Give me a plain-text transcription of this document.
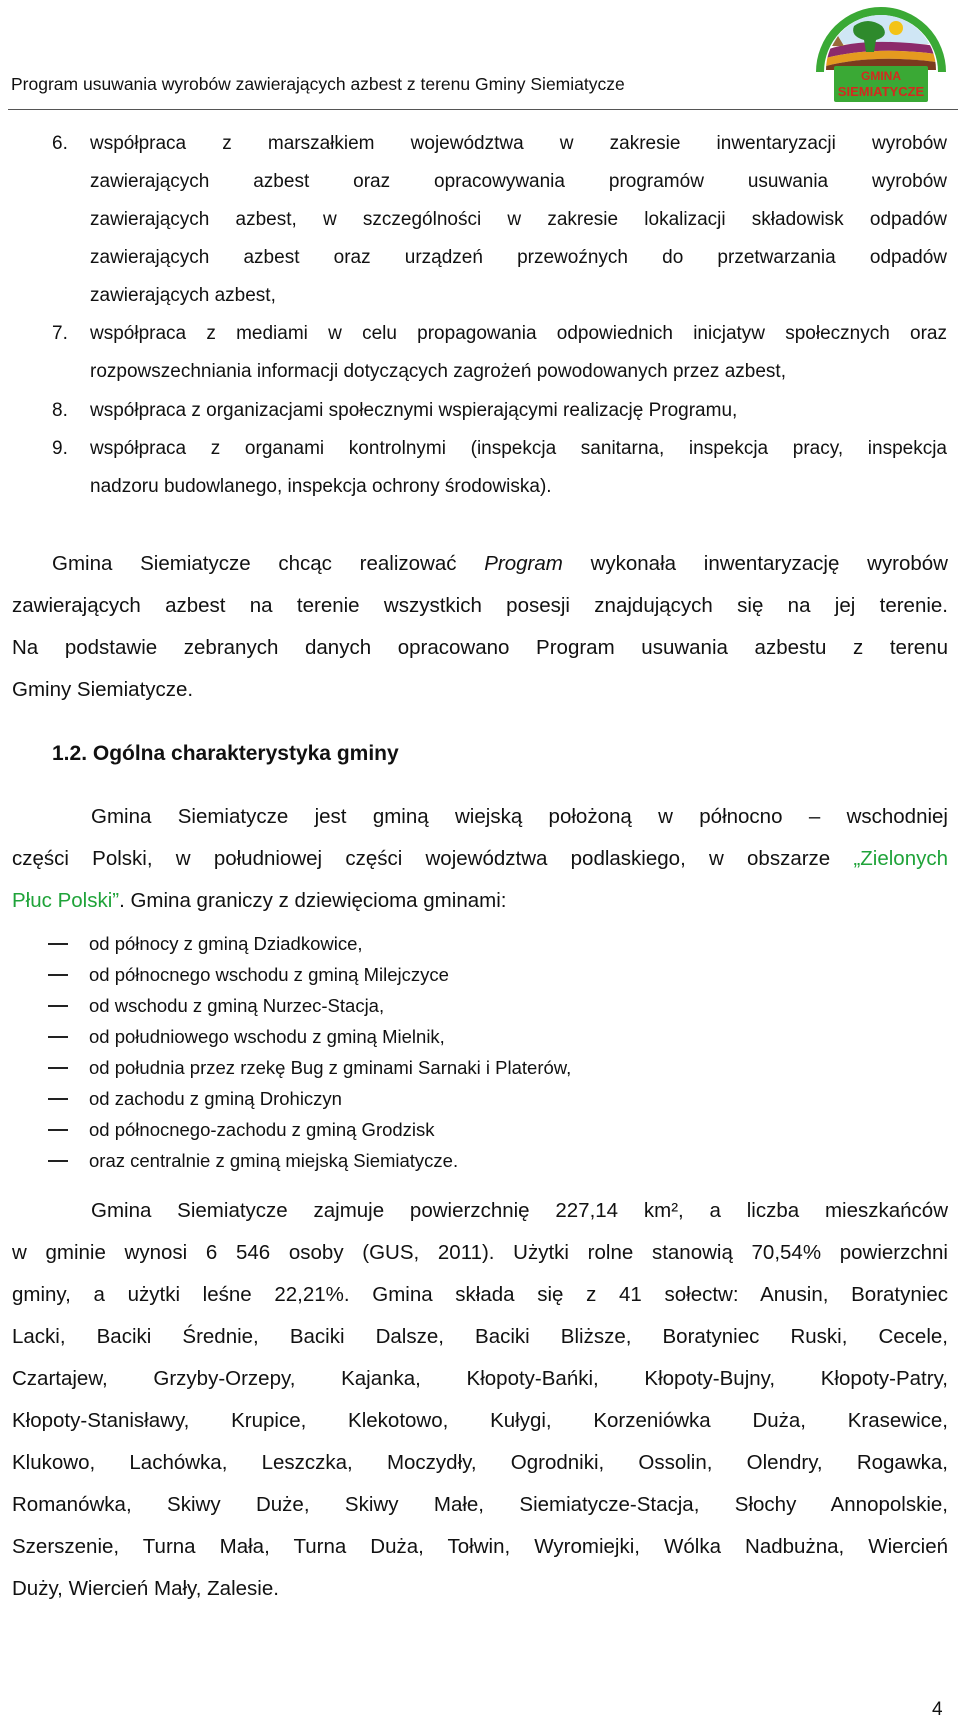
Program usuwania wyrobów zawierających azbest z terenu Gminy Siemiatycze	GMINA
SIEMIATYCZE
6. współpraca z marszałkiem województwa w zakresie inwentaryzacji wyrobów
zawierających azbest oraz opracowywania programów usuwania wyrobów
zawierających azbest, w szczególności w zakresie lokalizacji składowisk odpadów
zawierających azbest oraz urządzeń przewoźnych do przetwarzania odpadów
zawierających azbest,
7. współpraca z mediami w celu propagowania odpowiednich inicjatyw społecznych oraz
rozpowszechniania informacji dotyczących zagrożeń powodowanych przez azbest,
8. współpraca z organizacjami społecznymi wspierającymi realizację Programu,
9. współpraca z organami kontrolnymi (inspekcja sanitarna, inspekcja pracy, inspekcja
nadzoru budowlanego, inspekcja ochrony środowiska).
Gmina Siemiatycze chcąc realizować Program wykonała inwentaryzację wyrobów
zawierających azbest na terenie wszystkich posesji znajdujących się na jej terenie.
Na podstawie zebranych danych opracowano Program usuwania azbestu z terenu
Gminy Siemiatycze.
1.2. Ogólna charakterystyka gminy
Gmina Siemiatycze jest gminą wiejską położoną w północno – wschodniej
części Polski, w południowej części województwa podlaskiego, w obszarze „Zielonych
Płuc Polski”. Gmina graniczy z dziewięcioma gminami:
od północy z gminą Dziadkowice,
od północnego wschodu z gminą Milejczyce
od wschodu z gminą Nurzec-Stacja,
od południowego wschodu z gminą Mielnik,
od południa przez rzekę Bug z gminami Sarnaki i Platerów,
od zachodu z gminą Drohiczyn
od północnego-zachodu z gminą Grodzisk
oraz centralnie z gminą miejską Siemiatycze.
Gmina Siemiatycze zajmuje powierzchnię 227,14 km², a liczba mieszkańców
w gminie wynosi 6 546 osoby (GUS, 2011). Użytki rolne stanowią 70,54% powierzchni
gminy, a użytki leśne 22,21%. Gmina składa się z 41 sołectw: Anusin, Boratyniec
Lacki, Baciki Średnie, Baciki Dalsze, Baciki Bliższe, Boratyniec Ruski, Cecele,
Czartajew, Grzyby-Orzepy, Kajanka, Kłopoty-Bańki, Kłopoty-Bujny, Kłopoty-Patry,
Kłopoty-Stanisławy, Krupice, Klekotowo, Kułygi, Korzeniówka Duża, Krasewice,
Klukowo, Lachówka, Leszczka, Moczydły, Ogrodniki, Ossolin, Olendry, Rogawka,
Romanówka, Skiwy Duże, Skiwy Małe, Siemiatycze-Stacja, Słochy Annopolskie,
Szerszenie, Turna Mała, Turna Duża, Tołwin, Wyromiejki, Wólka Nadbużna, Wiercień
Duży, Wiercień Mały, Zalesie.
4
